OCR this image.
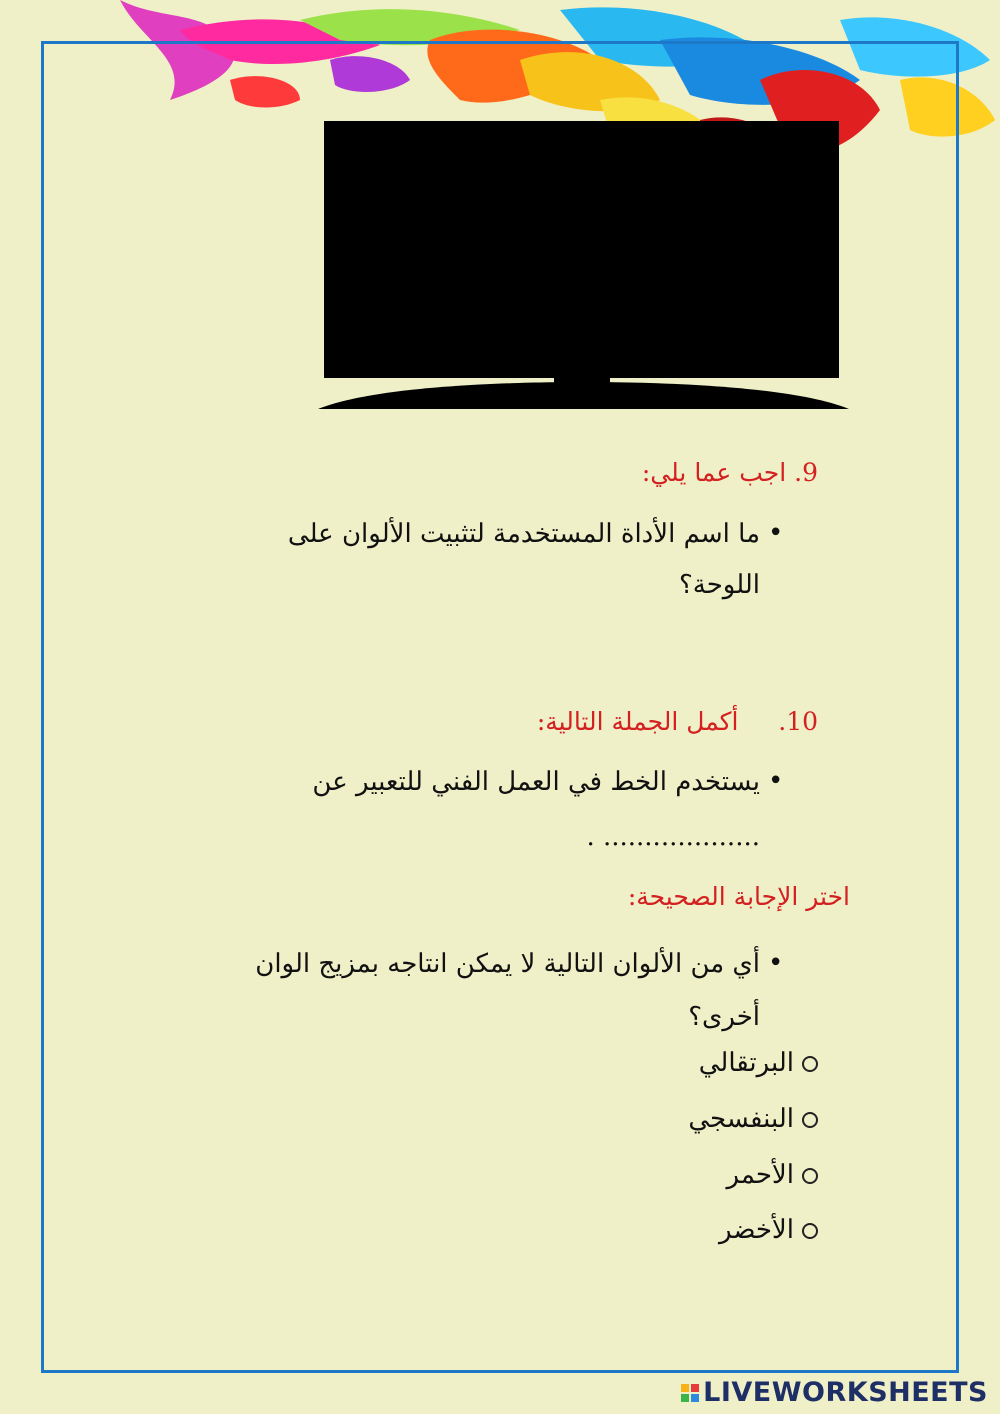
9. اجب عما يلي:
•
ما اسم الأداة المستخدمة لتثبيت الألوان على
اللوحة؟
10.     أكمل الجملة التالية:
•
يستخدم الخط في العمل الفني للتعبير عن
. ...................
اختر الإجابة الصحيحة:
•
أي من الألوان التالية لا يمكن انتاجه بمزيج الوان
أخرى؟
البرتقالي
البنفسجي
الأحمر
الأخضر
LIVEWORKSHEETS
